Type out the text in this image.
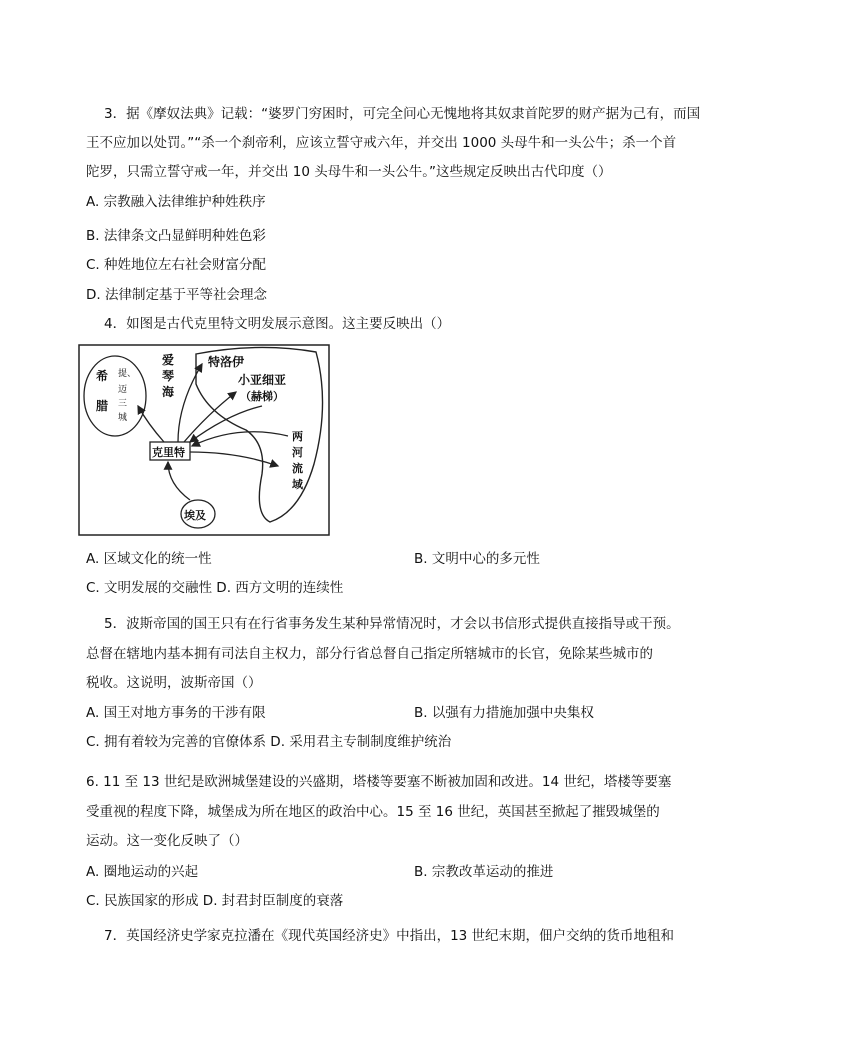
3．据《摩奴法典》记载：“婆罗门穷困时，可完全问心无愧地将其奴隶首陀罗的财产据为己有，而国
王不应加以处罚。”“杀一个刹帝利，应该立誓守戒六年，并交出 1000 头母牛和一头公牛；杀一个首
陀罗，只需立誓守戒一年，并交出 10 头母牛和一头公牛。”这些规定反映出古代印度（）
A. 宗教融入法律维护种姓秩序
B. 法律条文凸显鲜明种姓色彩
C. 种姓地位左右社会财富分配
D. 法律制定基于平等社会理念
4．如图是古代克里特文明发展示意图。这主要反映出（）
希
腊
提、
迈
三
城
爱
琴
海
特洛伊
小亚细亚
（赫梯）
两
河
流
域
克里特
埃及
A. 区域文化的统一性	B. 文明中心的多元性
C. 文明发展的交融性 D. 西方文明的连续性
5．波斯帝国的国王只有在行省事务发生某种异常情况时，才会以书信形式提供直接指导或干预。
总督在辖地内基本拥有司法自主权力，部分行省总督自己指定所辖城市的长官，免除某些城市的
税收。这说明，波斯帝国（）
A. 国王对地方事务的干涉有限	B. 以强有力措施加强中央集权
C. 拥有着较为完善的官僚体系 D. 采用君主专制制度维护统治
6. 11 至 13 世纪是欧洲城堡建设的兴盛期，塔楼等要塞不断被加固和改进。14 世纪，塔楼等要塞
受重视的程度下降，城堡成为所在地区的政治中心。15 至 16 世纪，英国甚至掀起了摧毁城堡的
运动。这一变化反映了（）
A. 圈地运动的兴起	B. 宗教改革运动的推进
C. 民族国家的形成 D. 封君封臣制度的衰落
7．英国经济史学家克拉潘在《现代英国经济史》中指出，13 世纪末期，佃户交纳的货币地租和
